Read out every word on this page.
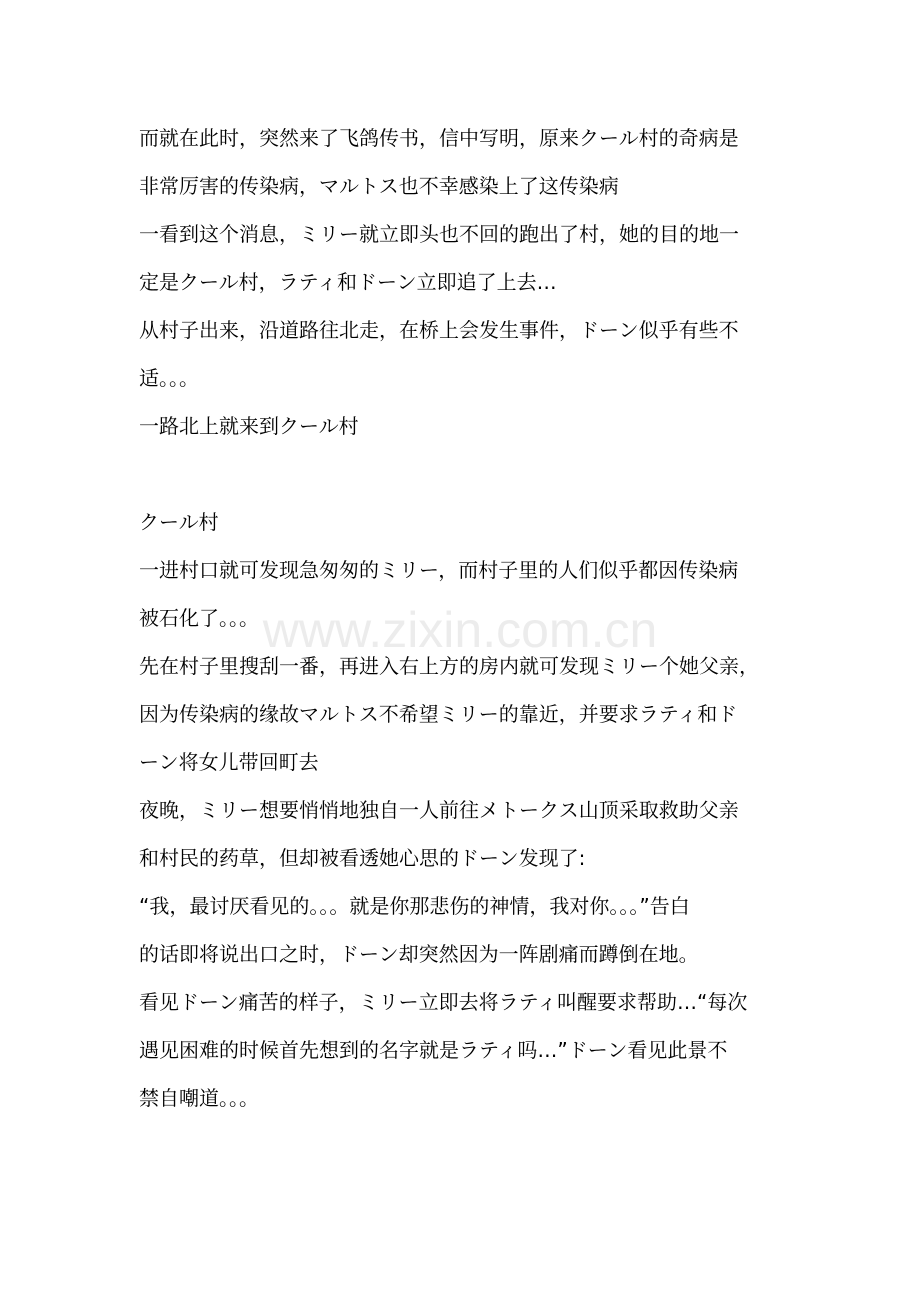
www.zixin.com.cn

而就在此时，突然来了飞鸽传书，信中写明，原来クール村的奇病是
非常厉害的传染病，マルトス也不幸感染上了这传染病

一看到这个消息，ミリー就立即头也不回的跑出了村，她的目的地一
定是クール村，ラティ和ドーン立即追了上去…

从村子出来，沿道路往北走，在桥上会发生事件，ドーン似乎有些不
适。。。

一路北上就来到クール村

クール村

一进村口就可发现急匆匆的ミリー，而村子里的人们似乎都因传染病
被石化了。。。

先在村子里搜刮一番，再进入右上方的房内就可发现ミリー个她父亲，
因为传染病的缘故マルトス不希望ミリー的靠近，并要求ラティ和ド
ーン将女儿带回町去

夜晚，ミリー想要悄悄地独自一人前往メトークス山顶采取救助父亲
和村民的药草，但却被看透她心思的ドーン发现了:

“我，最讨厌看见的。。。就是你那悲伤的神情，我对你。。。”告白
的话即将说出口之时，ドーン却突然因为一阵剧痛而蹲倒在地。

看见ドーン痛苦的样子，ミリー立即去将ラティ叫醒要求帮助…“每次
遇见困难的时候首先想到的名字就是ラティ吗…”ドーン看见此景不
禁自嘲道。。。
